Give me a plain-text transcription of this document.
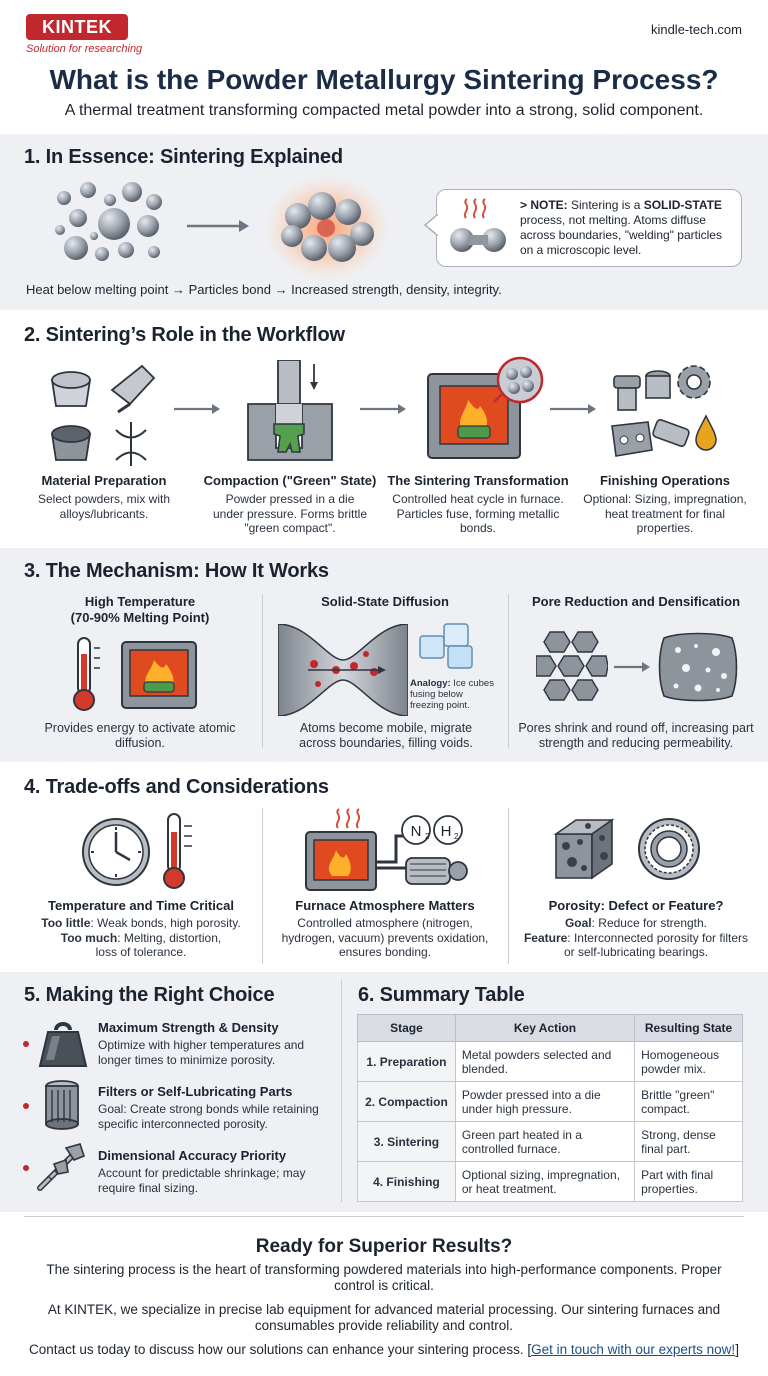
KINTEK
Solution for researching
kindle-tech.com
What is the Powder Metallurgy Sintering Process?
A thermal treatment transforming compacted metal powder into a strong, solid component.
1. In Essence: Sintering Explained
> NOTE: Sintering is a SOLID-STATE process, not melting. Atoms diffuse across boundaries, "welding" particles on a microscopic level.
Heat below melting point → Particles bond → Increased strength, density, integrity.
2. Sintering’s Role in the Workflow
Material Preparation
Select powders, mix with alloys/lubricants.
Compaction ("Green" State)
Powder pressed in a die under pressure. Forms brittle "green compact".
The Sintering Transformation
Controlled heat cycle in furnace. Particles fuse, forming metallic bonds.
Finishing Operations
Optional: Sizing, impregnation, heat treatment for final properties.
3. The Mechanism: How It Works
High Temperature
(70-90% Melting Point)
Provides energy to activate atomic diffusion.
Solid-State Diffusion
Analogy: Ice cubes fusing below freezing point.
Atoms become mobile, migrate across boundaries, filling voids.
Pore Reduction and Densification
Pores shrink and round off, increasing part strength and reducing permeability.
4. Trade-offs and Considerations
Temperature and Time Critical
Too little: Weak bonds, high porosity.
Too much: Melting, distortion, loss of tolerance.
N 2 H 2
Furnace Atmosphere Matters
Controlled atmosphere (nitrogen, hydrogen, vacuum) prevents oxidation, ensures bonding.
Porosity: Defect or Feature?
Goal: Reduce for strength.
Feature: Interconnected porosity for filters or self-lubricating bearings.
5. Making the Right Choice
Maximum Strength & Density
Optimize with higher temperatures and longer times to minimize porosity.
Filters or Self-Lubricating Parts
Goal: Create strong bonds while retaining specific interconnected porosity.
Dimensional Accuracy Priority
Account for predictable shrinkage; may require final sizing.
6. Summary Table
Stage	Key Action	Resulting State
1. Preparation	Metal powders selected and blended.	Homogeneous powder mix.
2. Compaction	Powder pressed into a die under high pressure.	Brittle "green" compact.
3. Sintering	Green part heated in a controlled furnace.	Strong, dense final part.
4. Finishing	Optional sizing, impregnation, or heat treatment.	Part with final properties.
Ready for Superior Results?
The sintering process is the heart of transforming powdered materials into high-performance components. Proper control is critical.
At KINTEK, we specialize in precise lab equipment for advanced material processing. Our sintering furnaces and consumables provide reliability and control.
Contact us today to discuss how our solutions can enhance your sintering process. [Get in touch with our experts now!]
